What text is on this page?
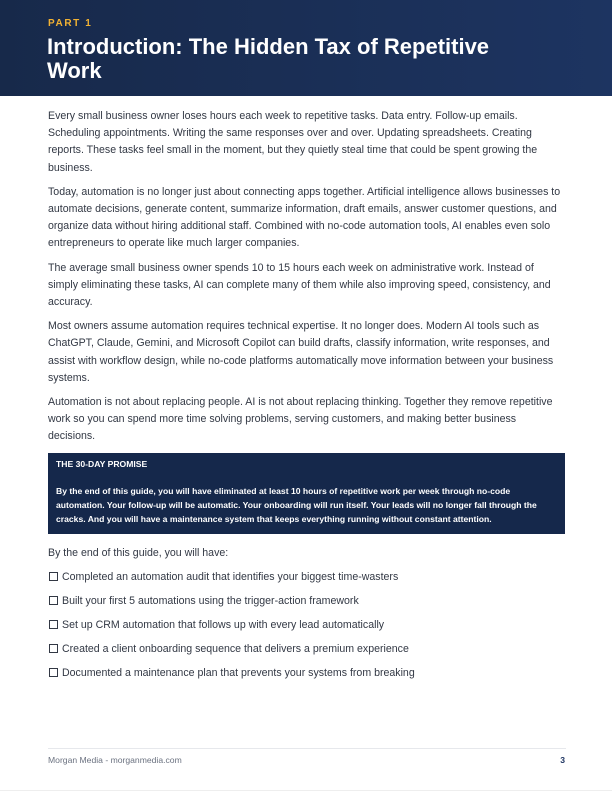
PART 1
Introduction: The Hidden Tax of Repetitive Work

Every small business owner loses hours each week to repetitive tasks. Data entry. Follow-up emails. Scheduling appointments. Writing the same responses over and over. Updating spreadsheets. Creating reports. These tasks feel small in the moment, but they quietly steal time that could be spent growing the business.

Today, automation is no longer just about connecting apps together. Artificial intelligence allows businesses to automate decisions, generate content, summarize information, draft emails, answer customer questions, and organize data without hiring additional staff. Combined with no-code automation tools, AI enables even solo entrepreneurs to operate like much larger companies.

The average small business owner spends 10 to 15 hours each week on administrative work. Instead of simply eliminating these tasks, AI can complete many of them while also improving speed, consistency, and accuracy.

Most owners assume automation requires technical expertise. It no longer does. Modern AI tools such as ChatGPT, Claude, Gemini, and Microsoft Copilot can build drafts, classify information, write responses, and assist with workflow design, while no-code platforms automatically move information between your business systems.

Automation is not about replacing people. AI is not about replacing thinking. Together they remove repetitive work so you can spend more time solving problems, serving customers, and making better business decisions.

THE 30-DAY PROMISE

By the end of this guide, you will have eliminated at least 10 hours of repetitive work per week through no-code automation. Your follow-up will be automatic. Your onboarding will run itself. Your leads will no longer fall through the cracks. And you will have a maintenance system that keeps everything running without constant attention.

By the end of this guide, you will have:

Completed an automation audit that identifies your biggest time-wasters
Built your first 5 automations using the trigger-action framework
Set up CRM automation that follows up with every lead automatically
Created a client onboarding sequence that delivers a premium experience
Documented a maintenance plan that prevents your systems from breaking
Morgan Media - morganmedia.com	3
